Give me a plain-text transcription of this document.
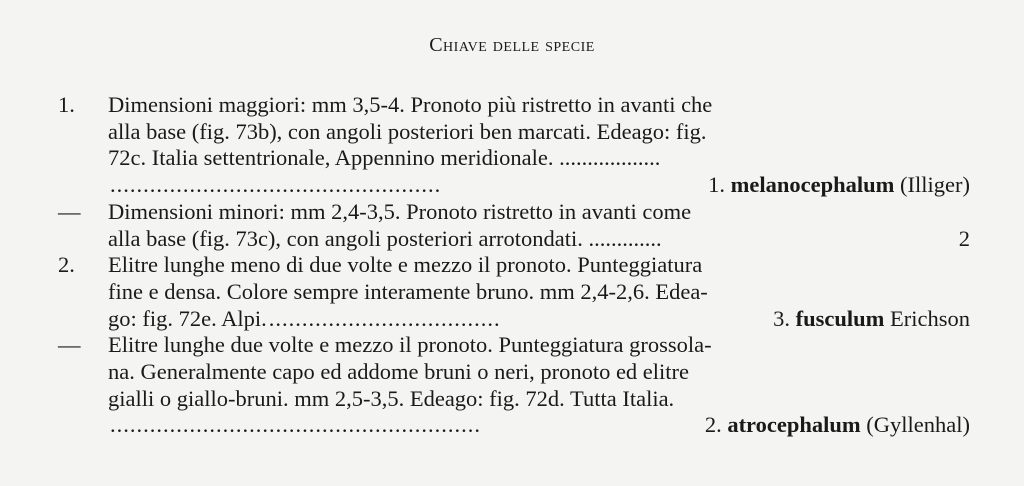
Chiave delle specie
1.	Dimensioni maggiori: mm 3,5-4. Pronoto più ristretto in avanti che
alla base (fig. 73b), con angoli posteriori ben marcati. Edeago: fig.
72c. Italia settentrionale, Appennino meridionale. ..................
..................................................	1. melanocephalum (Illiger)
—	Dimensioni minori: mm 2,4-3,5. Pronoto ristretto in avanti come
alla base (fig. 73c), con angoli posteriori arrotondati. .............	2
2.	Elitre lunghe meno di due volte e mezzo il pronoto. Punteggiatura
fine e densa. Colore sempre interamente bruno. mm 2,4-2,6. Edea-
go: fig. 72e. Alpi. ...................................	3. fusculum Erichson
—	Elitre lunghe due volte e mezzo il pronoto. Punteggiatura grossola-
na. Generalmente capo ed addome bruni o neri, pronoto ed elitre
gialli o giallo-bruni. mm 2,5-3,5. Edeago: fig. 72d. Tutta Italia.
........................................................	2. atrocephalum (Gyllenhal)
